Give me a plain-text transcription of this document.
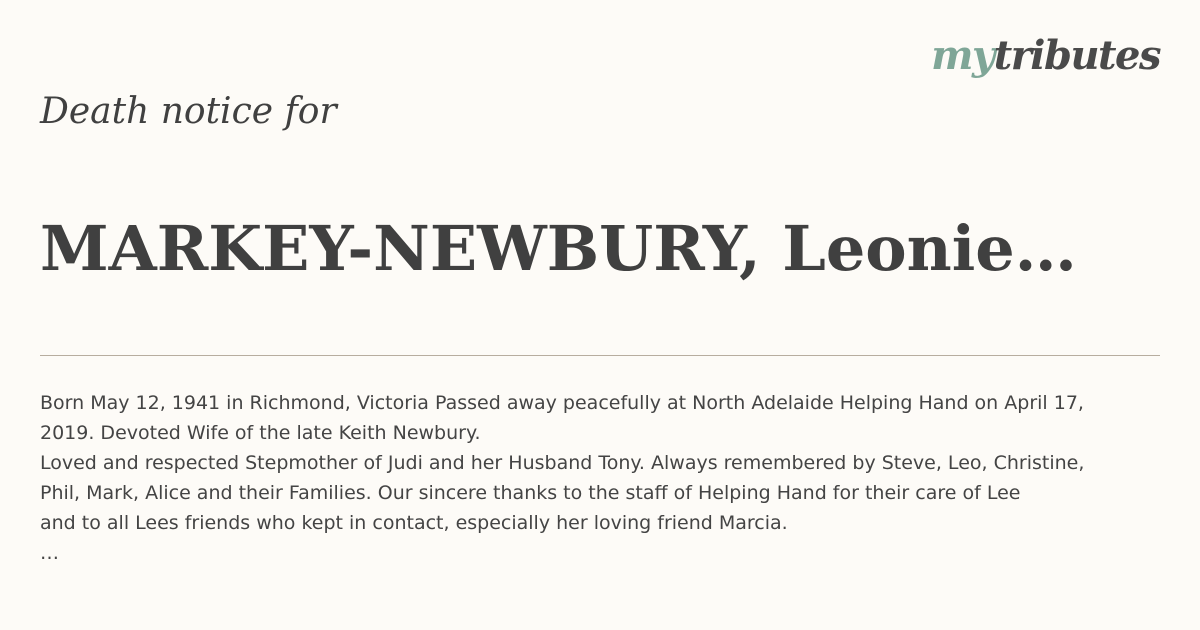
mytributes
Death notice for
MARKEY-NEWBURY, Leonie…
Born May 12, 1941 in Richmond, Victoria Passed away peacefully at North Adelaide Helping Hand on April 17,
2019. Devoted Wife of the late Keith Newbury.
Loved and respected Stepmother of Judi and her Husband Tony. Always remembered by Steve, Leo, Christine,
Phil, Mark, Alice and their Families. Our sincere thanks to the staff of Helping Hand for their care of Lee
and to all Lees friends who kept in contact, especially her loving friend Marcia.
…
